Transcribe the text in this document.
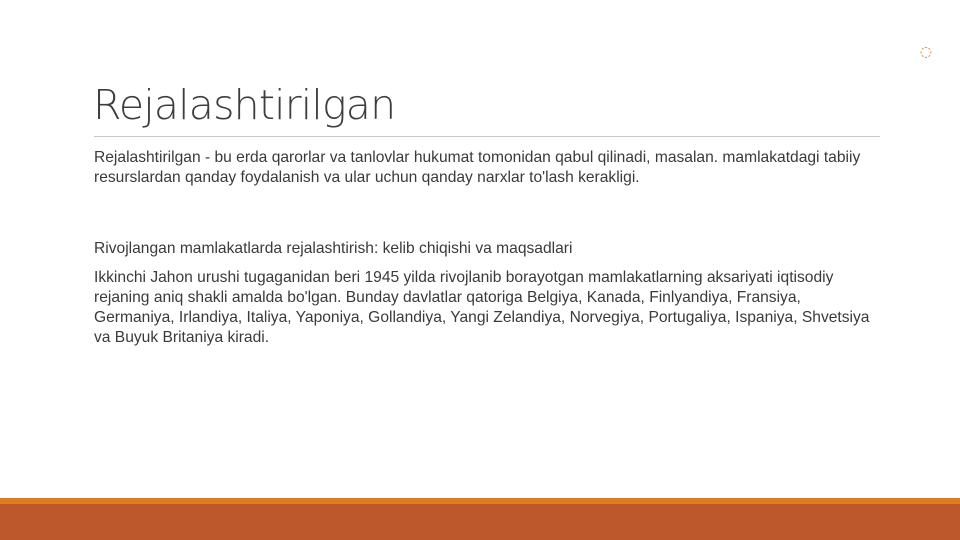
◌
Rejalashtirilgan

Rejalashtirilgan - bu erda qarorlar va tanlovlar hukumat tomonidan qabul qilinadi, masalan. mamlakatdagi tabiiy resurslardan qanday foydalanish va ular uchun qanday narxlar to'lash kerakligi.

Rivojlangan mamlakatlarda rejalashtirish: kelib chiqishi va maqsadlari

Ikkinchi Jahon urushi tugaganidan beri 1945 yilda rivojlanib borayotgan mamlakatlarning aksariyati iqtisodiy rejaning aniq shakli amalda bo'lgan. Bunday davlatlar qatoriga Belgiya, Kanada, Finlyandiya, Fransiya, Germaniya, Irlandiya, Italiya, Yaponiya, Gollandiya, Yangi Zelandiya, Norvegiya, Portugaliya, Ispaniya, Shvetsiya va Buyuk Britaniya kiradi.
